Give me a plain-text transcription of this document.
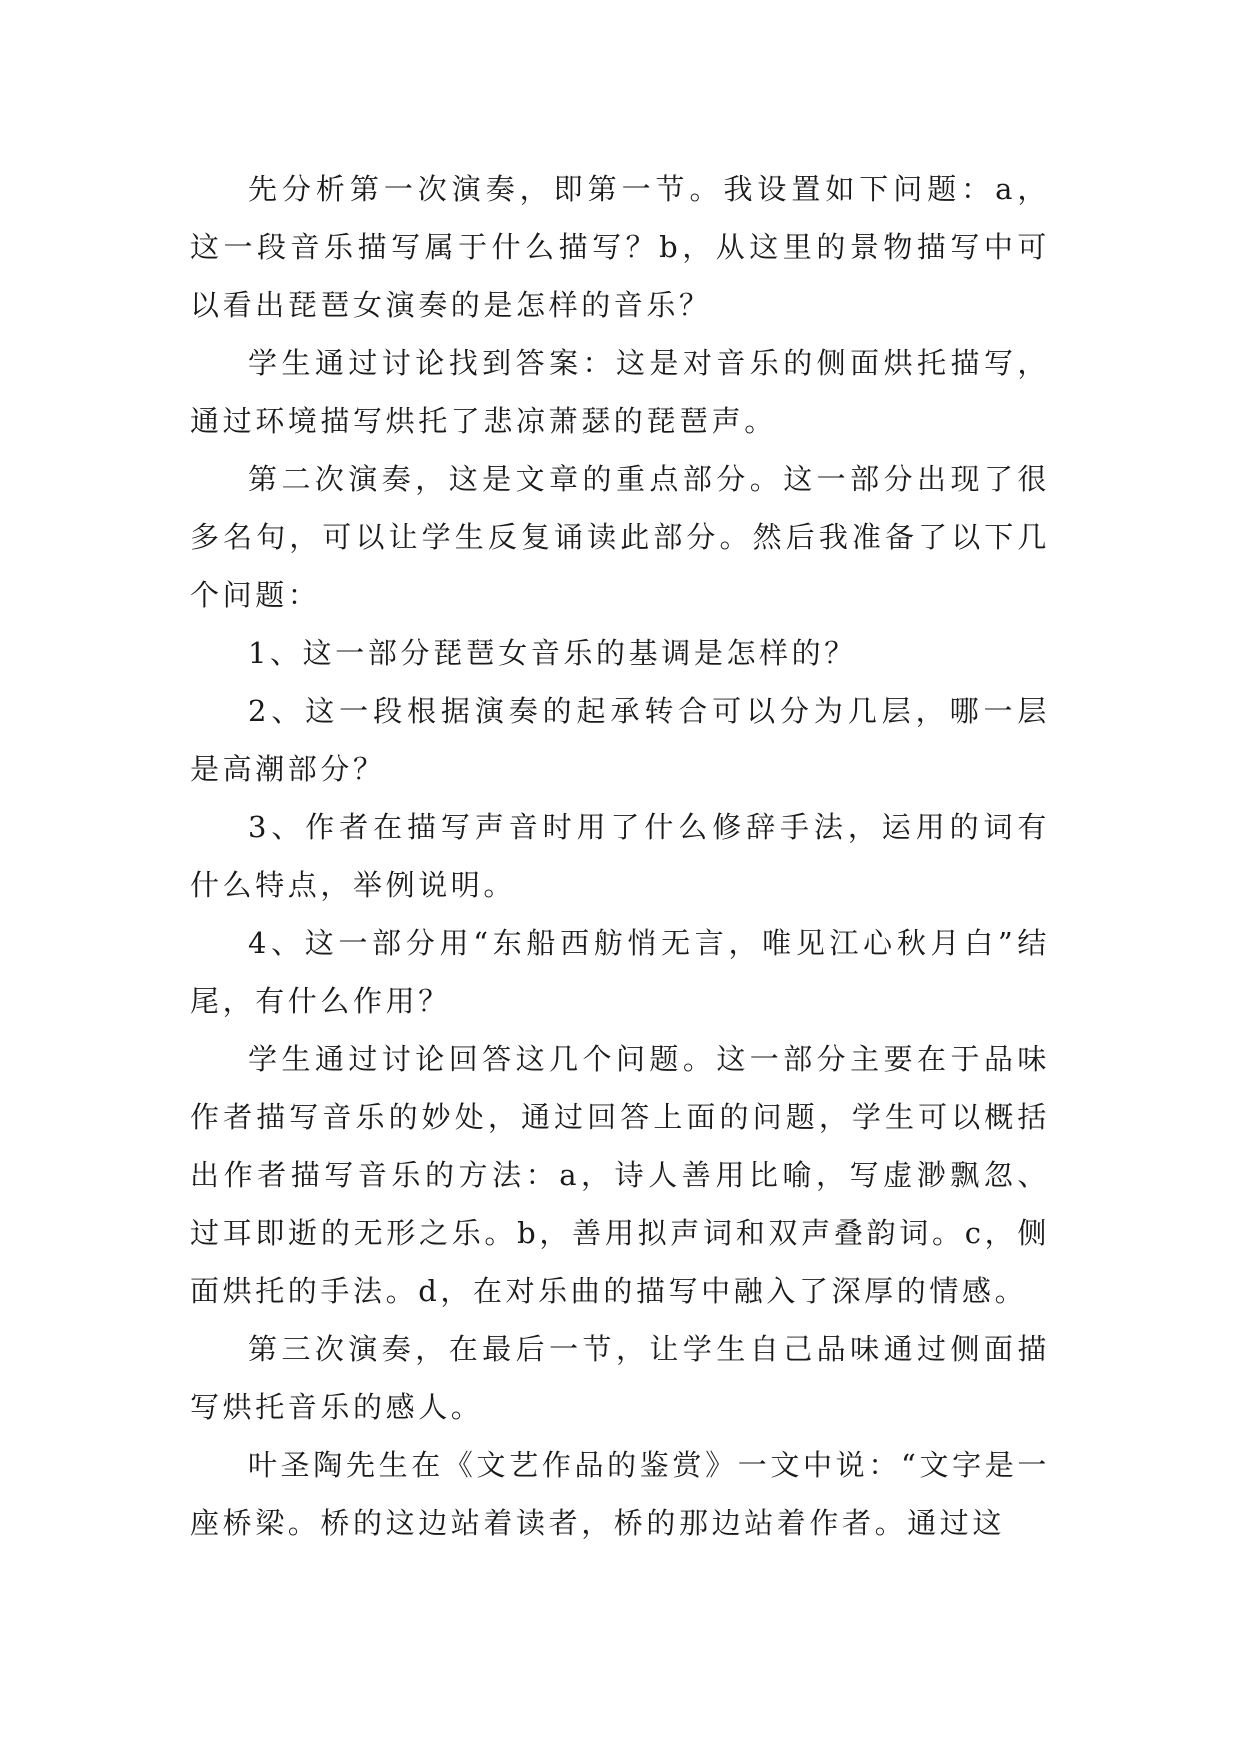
先分析第一次演奏，即第一节。我设置如下问题：a，这一段音乐描写属于什么描写？b，从这里的景物描写中可以看出琵琶女演奏的是怎样的音乐？

学生通过讨论找到答案：这是对音乐的侧面烘托描写，通过环境描写烘托了悲凉萧瑟的琵琶声。

第二次演奏，这是文章的重点部分。这一部分出现了很多名句，可以让学生反复诵读此部分。然后我准备了以下几个问题：

1、这一部分琵琶女音乐的基调是怎样的？

2、这一段根据演奏的起承转合可以分为几层，哪一层是高潮部分？

3、作者在描写声音时用了什么修辞手法，运用的词有什么特点，举例说明。

4、这一部分用“东船西舫悄无言，唯见江心秋月白”结尾，有什么作用？

学生通过讨论回答这几个问题。这一部分主要在于品味作者描写音乐的妙处，通过回答上面的问题，学生可以概括出作者描写音乐的方法：a，诗人善用比喻，写虚渺飘忽、过耳即逝的无形之乐。b，善用拟声词和双声叠韵词。c，侧面烘托的手法。d，在对乐曲的描写中融入了深厚的情感。

第三次演奏，在最后一节，让学生自己品味通过侧面描写烘托音乐的感人。

叶圣陶先生在《文艺作品的鉴赏》一文中说：“文字是一座桥梁。桥的这边站着读者，桥的那边站着作者。通过这
